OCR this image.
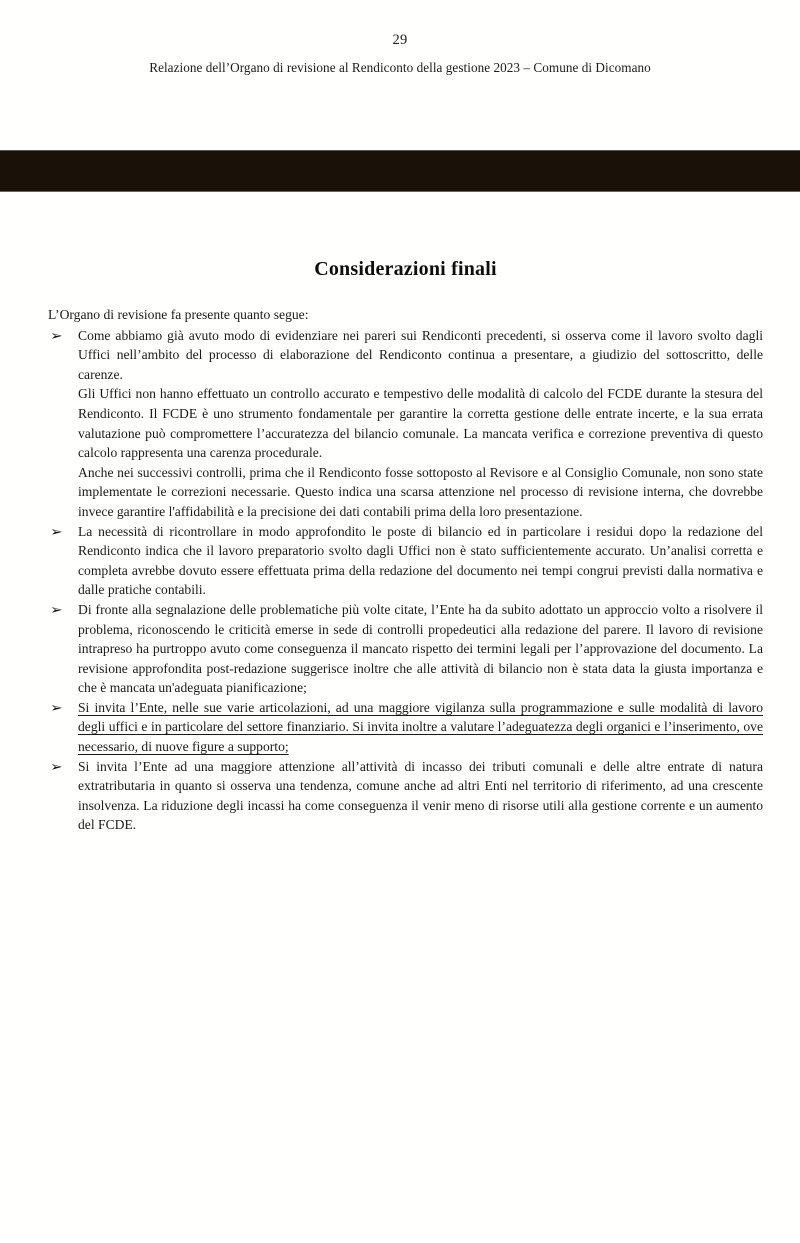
29
Relazione dell’Organo di revisione al Rendiconto della gestione 2023 – Comune di Dicomano
Considerazioni finali

L’Organo di revisione fa presente quanto segue:

➢ Come abbiamo già avuto modo di evidenziare nei pareri sui Rendiconti precedenti, si osserva come il lavoro svolto dagli Uffici nell’ambito del processo di elaborazione del Rendiconto continua a presentare, a giudizio del sottoscritto, delle carenze.

Gli Uffici non hanno effettuato un controllo accurato e tempestivo delle modalità di calcolo del FCDE durante la stesura del Rendiconto. Il FCDE è uno strumento fondamentale per garantire la corretta gestione delle entrate incerte, e la sua errata valutazione può compromettere l’accuratezza del bilancio comunale. La mancata verifica e correzione preventiva di questo calcolo rappresenta una carenza procedurale.

Anche nei successivi controlli, prima che il Rendiconto fosse sottoposto al Revisore e al Consiglio Comunale, non sono state implementate le correzioni necessarie. Questo indica una scarsa attenzione nel processo di revisione interna, che dovrebbe invece garantire l'affidabilità e la precisione dei dati contabili prima della loro presentazione.

➢ La necessità di ricontrollare in modo approfondito le poste di bilancio ed in particolare i residui dopo la redazione del Rendiconto indica che il lavoro preparatorio svolto dagli Uffici non è stato sufficientemente accurato. Un’analisi corretta e completa avrebbe dovuto essere effettuata prima della redazione del documento nei tempi congrui previsti dalla normativa e dalle pratiche contabili.

➢ Di fronte alla segnalazione delle problematiche più volte citate, l’Ente ha da subito adottato un approccio volto a risolvere il problema, riconoscendo le criticità emerse in sede di controlli propedeutici alla redazione del parere. Il lavoro di revisione intrapreso ha purtroppo avuto come conseguenza il mancato rispetto dei termini legali per l’approvazione del documento. La revisione approfondita post-redazione suggerisce inoltre che alle attività di bilancio non è stata data la giusta importanza e che è mancata un'adeguata pianificazione;

➢ Si invita l’Ente, nelle sue varie articolazioni, ad una maggiore vigilanza sulla programmazione e sulle modalità di lavoro degli uffici e in particolare del settore finanziario. Si invita inoltre a valutare l’adeguatezza degli organici e l’inserimento, ove necessario, di nuove figure a supporto;

➢ Si invita l’Ente ad una maggiore attenzione all’attività di incasso dei tributi comunali e delle altre entrate di natura extratributaria in quanto si osserva una tendenza, comune anche ad altri Enti nel territorio di riferimento, ad una crescente insolvenza. La riduzione degli incassi ha come conseguenza il venir meno di risorse utili alla gestione corrente e un aumento del FCDE.
